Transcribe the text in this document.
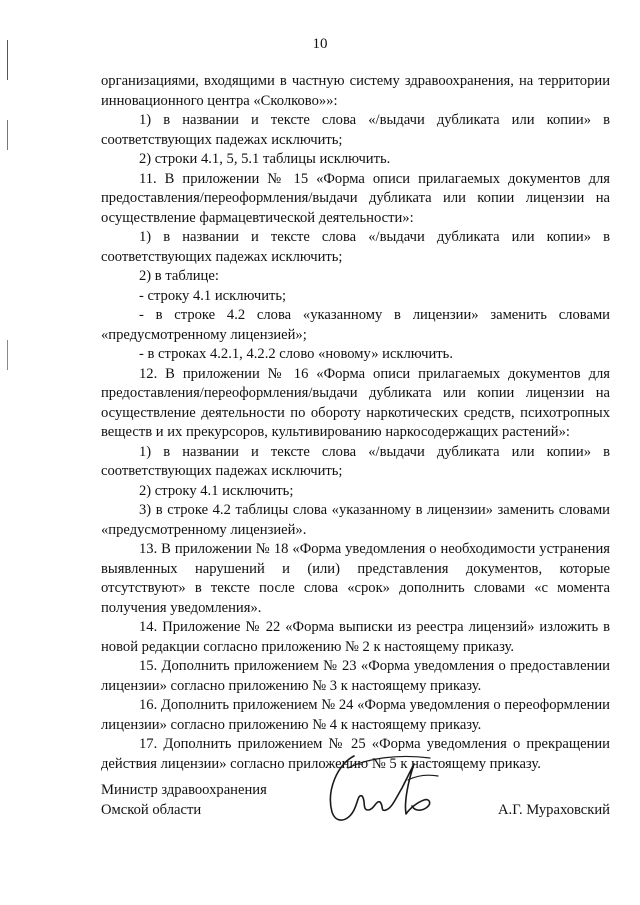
10

организациями, входящими в частную систему здравоохранения, на территории инновационного центра «Сколково»»:

1) в названии и тексте слова «/выдачи дубликата или копии» в соответствующих падежах исключить;

2) строки 4.1, 5, 5.1 таблицы исключить.

11. В приложении № 15 «Форма описи прилагаемых документов для предоставления/переоформления/выдачи дубликата или копии лицензии на осуществление фармацевтической деятельности»:

1) в названии и тексте слова «/выдачи дубликата или копии» в соответствующих падежах исключить;

2) в таблице:

- строку 4.1 исключить;

- в строке 4.2 слова «указанному в лицензии» заменить словами «предусмотренному лицензией»;

- в строках 4.2.1, 4.2.2 слово «новому» исключить.

12. В приложении № 16 «Форма описи прилагаемых документов для предоставления/переоформления/выдачи дубликата или копии лицензии на осуществление деятельности по обороту наркотических средств, психотропных веществ и их прекурсоров, культивированию наркосодержащих растений»:

1) в названии и тексте слова «/выдачи дубликата или копии» в соответствующих падежах исключить;

2) строку 4.1 исключить;

3) в строке 4.2 таблицы слова «указанному в лицензии» заменить словами «предусмотренному лицензией».

13. В приложении № 18 «Форма уведомления о необходимости устранения выявленных нарушений и (или) представления документов, которые отсутствуют» в тексте после слова «срок» дополнить словами «с момента получения уведомления».

14. Приложение № 22 «Форма выписки из реестра лицензий» изложить в новой редакции согласно приложению № 2 к настоящему приказу.

15. Дополнить приложением № 23 «Форма уведомления о предоставлении лицензии» согласно приложению № 3 к настоящему приказу.

16. Дополнить приложением № 24 «Форма уведомления о переоформлении лицензии» согласно приложению № 4 к настоящему приказу.

17. Дополнить приложением № 25 «Форма уведомления о прекращении действия лицензии» согласно приложению № 5 к настоящему приказу.

Министр здравоохранения
Омской области	А.Г. Мураховский
